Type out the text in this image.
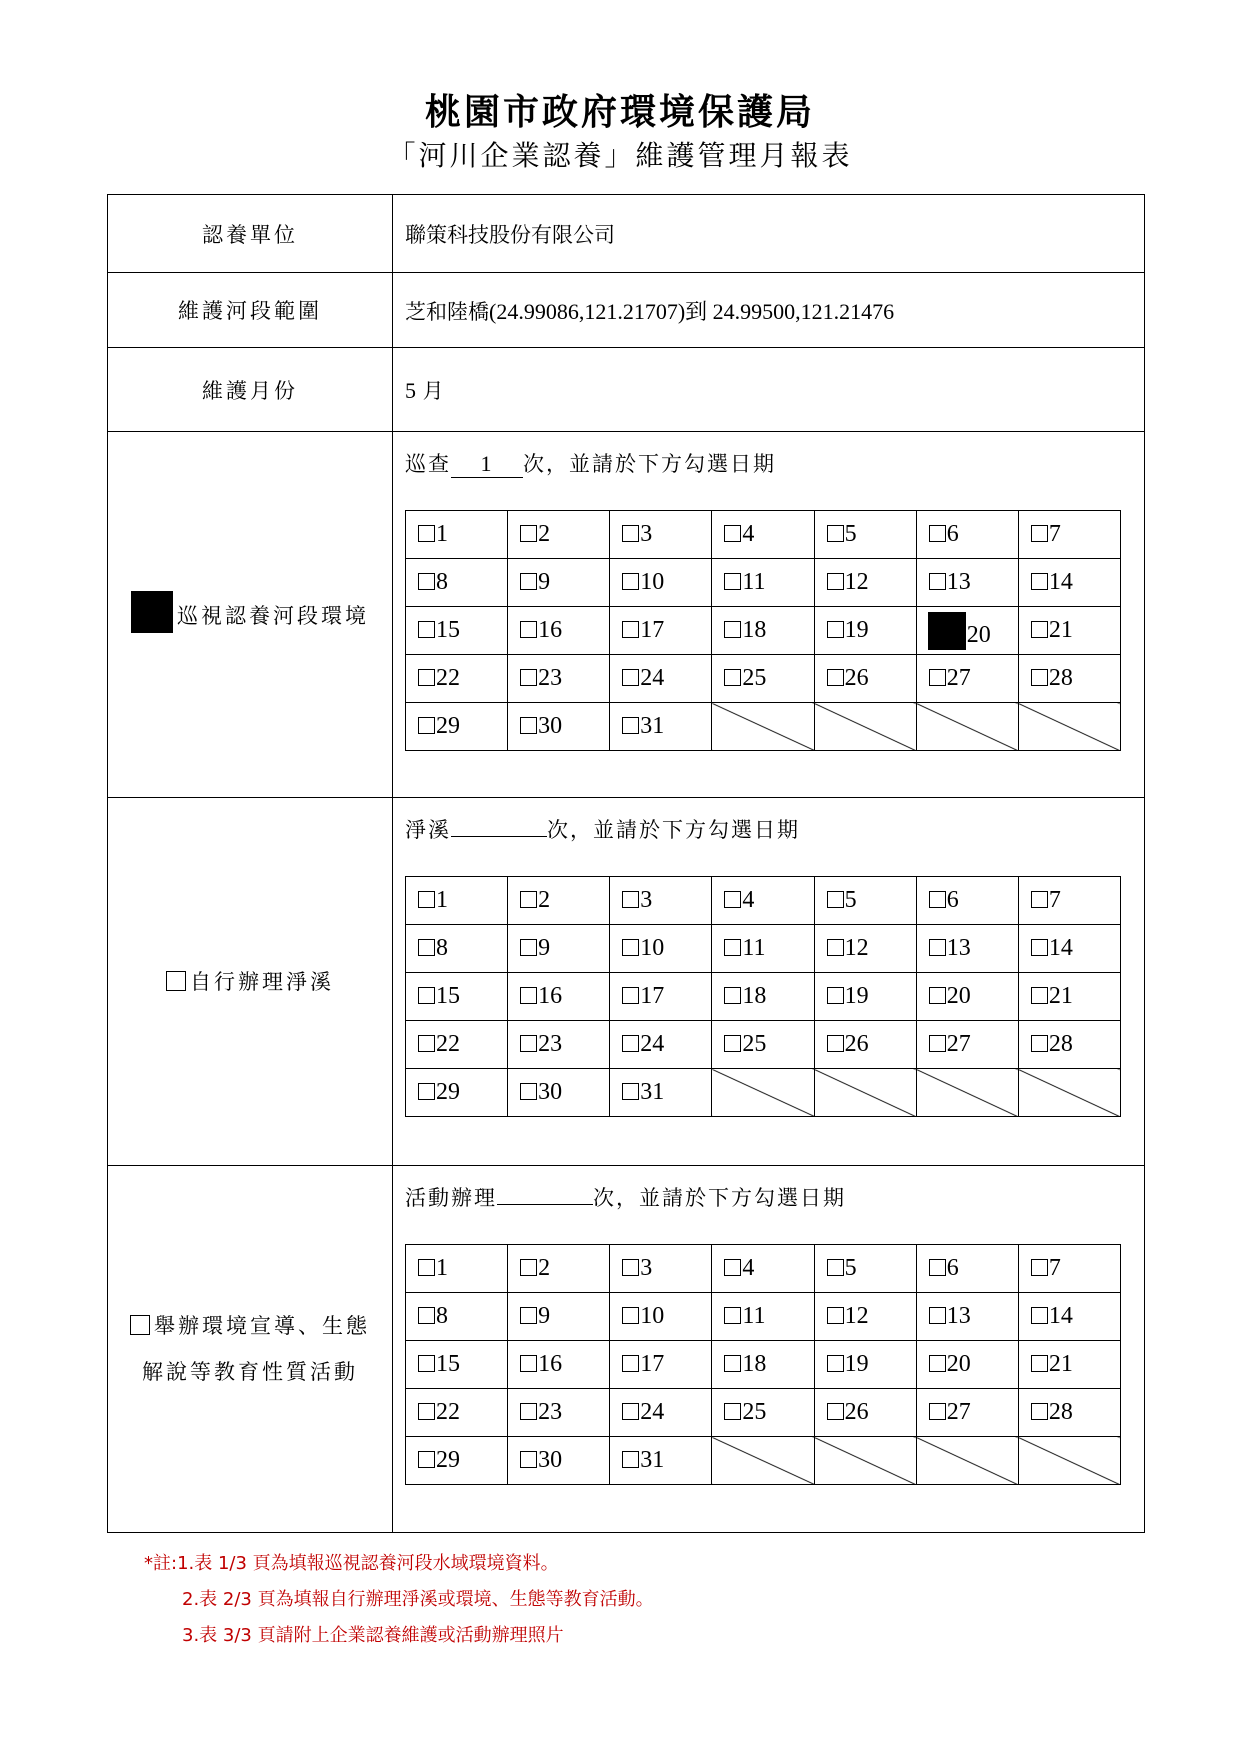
桃園市政府環境保護局
「河川企業認養」維護管理月報表
認養單位	聯策科技股份有限公司
維護河段範圍	芝和陸橋(24.99086,121.21707)到 24.99500,121.21476
維護月份	5 月
巡視認養河段環境

巡查 1 次，並請於下方勾選日期
1	2	3	4	5	6	7
8	9	10	11	12	13	14
15	16	17	18	19	20	21
22	23	24	25	26	27	28
29	30	31				

自行辦理淨溪

淨溪	次，並請於下方勾選日期
1	2	3	4	5	6	7
8	9	10	11	12	13	14
15	16	17	18	19	20	21
22	23	24	25	26	27	28
29	30	31				

舉辦環境宣導、生態
解說等教育性質活動	
活動辦理	次，並請於下方勾選日期
1	2	3	4	5	6	7
8	9	10	11	12	13	14
15	16	17	18	19	20	21
22	23	24	25	26	27	28
29	30	31				
*註:1.表 1/3 頁為填報巡視認養河段水域環境資料。
2.表 2/3 頁為填報自行辦理淨溪或環境、生態等教育活動。
3.表 3/3 頁請附上企業認養維護或活動辦理照片
